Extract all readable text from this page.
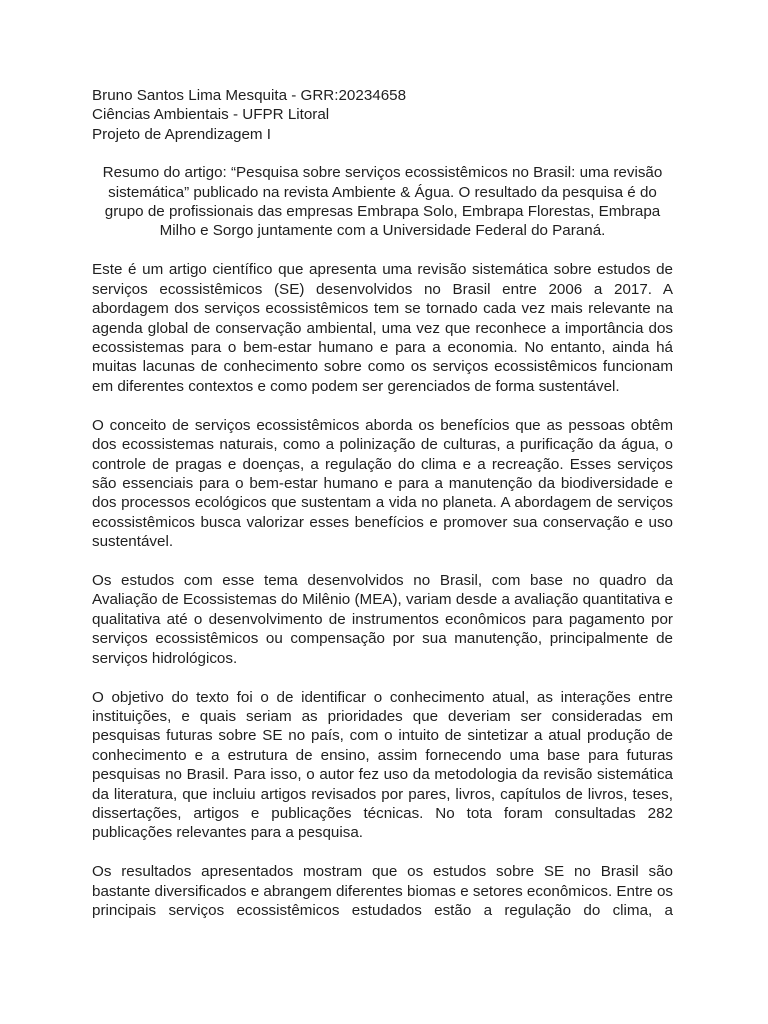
Bruno Santos Lima Mesquita - GRR:20234658
Ciências Ambientais - UFPR Litoral
Projeto de Aprendizagem I

Resumo do artigo: “Pesquisa sobre serviços ecossistêmicos no Brasil: uma revisão sistemática” publicado na revista Ambiente & Água. O resultado da pesquisa é do grupo de profissionais das empresas Embrapa Solo, Embrapa Florestas, Embrapa Milho e Sorgo juntamente com a Universidade Federal do Paraná.

Este é um artigo científico que apresenta uma revisão sistemática sobre estudos de serviços ecossistêmicos (SE) desenvolvidos no Brasil entre 2006 a 2017. A abordagem dos serviços ecossistêmicos tem se tornado cada vez mais relevante na agenda global de conservação ambiental, uma vez que reconhece a importância dos ecossistemas para o bem-estar humano e para a economia. No entanto, ainda há muitas lacunas de conhecimento sobre como os serviços ecossistêmicos funcionam em diferentes contextos e como podem ser gerenciados de forma sustentável.

O conceito de serviços ecossistêmicos aborda os benefícios que as pessoas obtêm dos ecossistemas naturais, como a polinização de culturas, a purificação da água, o controle de pragas e doenças, a regulação do clima e a recreação. Esses serviços são essenciais para o bem-estar humano e para a manutenção da biodiversidade e dos processos ecológicos que sustentam a vida no planeta. A abordagem de serviços ecossistêmicos busca valorizar esses benefícios e promover sua conservação e uso sustentável.

Os estudos com esse tema desenvolvidos no Brasil, com base no quadro da Avaliação de Ecossistemas do Milênio (MEA), variam desde a avaliação quantitativa e qualitativa até o desenvolvimento de instrumentos econômicos para pagamento por serviços ecossistêmicos ou compensação por sua manutenção, principalmente de serviços hidrológicos.

O objetivo do texto foi o de identificar o conhecimento atual, as interações entre instituições, e quais seriam as prioridades que deveriam ser consideradas em pesquisas futuras sobre SE no país, com o intuito de sintetizar a atual produção de conhecimento e a estrutura de ensino, assim fornecendo uma base para futuras pesquisas no Brasil. Para isso, o autor fez uso da metodologia da revisão sistemática da literatura, que incluiu artigos revisados por pares, livros, capítulos de livros, teses, dissertações, artigos e publicações técnicas. No tota foram consultadas 282 publicações relevantes para a pesquisa.

Os resultados apresentados mostram que os estudos sobre SE no Brasil são bastante diversificados e abrangem diferentes biomas e setores econômicos. Entre os principais serviços ecossistêmicos estudados estão a regulação do clima, a
